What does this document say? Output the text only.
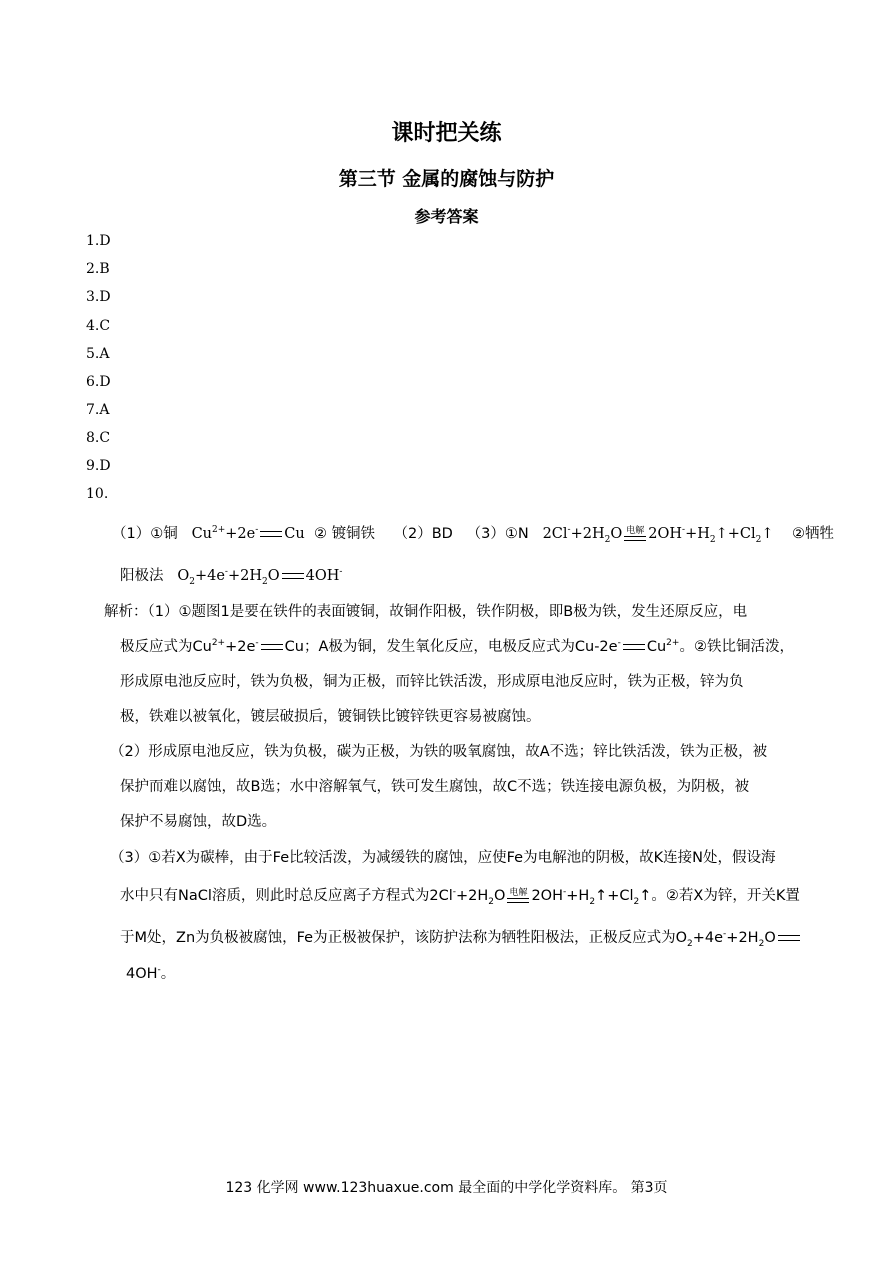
课时把关练
第三节 金属的腐蚀与防护
参考答案
1.D
2.B
3.D
4.C
5.A
6.D
7.A
8.C
9.D
10.
（1）①铜 $Cu^{2+}+2e^-$ Cu ② 镀铜铁 （2）BD （3）①N $2Cl^-+2H_2O$ 电解 $2OH^-+H_2↑+Cl_2↑$ ②牺牲
阳极法 $O_2+4e^-+2H_2O$ 4OH-
解析：（1）①题图1是要在铁件的表面镀铜，故铜作阳极，铁作阴极，即B极为铁，发生还原反应，电
极反应式为$Cu^{2+}+2e^-$ Cu；A极为铜，发生氧化反应，电极反应式为Cu-2e- $Cu^{2+}$。②铁比铜活泼，
形成原电池反应时，铁为负极，铜为正极，而锌比铁活泼，形成原电池反应时，铁为正极，锌为负
极，铁难以被氧化，镀层破损后，镀铜铁比镀锌铁更容易被腐蚀。
（2）形成原电池反应，铁为负极，碳为正极，为铁的吸氧腐蚀，故A不选；锌比铁活泼，铁为正极，被
保护而难以腐蚀，故B选；水中溶解氧气，铁可发生腐蚀，故C不选；铁连接电源负极，为阴极，被
保护不易腐蚀，故D选。
（3）①若X为碳棒，由于Fe比较活泼，为减缓铁的腐蚀，应使Fe为电解池的阴极，故K连接N处，假设海
水中只有NaCl溶质，则此时总反应离子方程式为$2Cl^-+2H_2O$ 电解 $2OH^-+H_2↑+Cl_2↑$。②若X为锌，开关K置
于M处，Zn为负极被腐蚀，Fe为正极被保护，该防护法称为牺牲阳极法，正极反应式为$O_2+4e^-+2H_2O$
4OH-。
123 化学网 www.123huaxue.com 最全面的中学化学资料库。 第3页
